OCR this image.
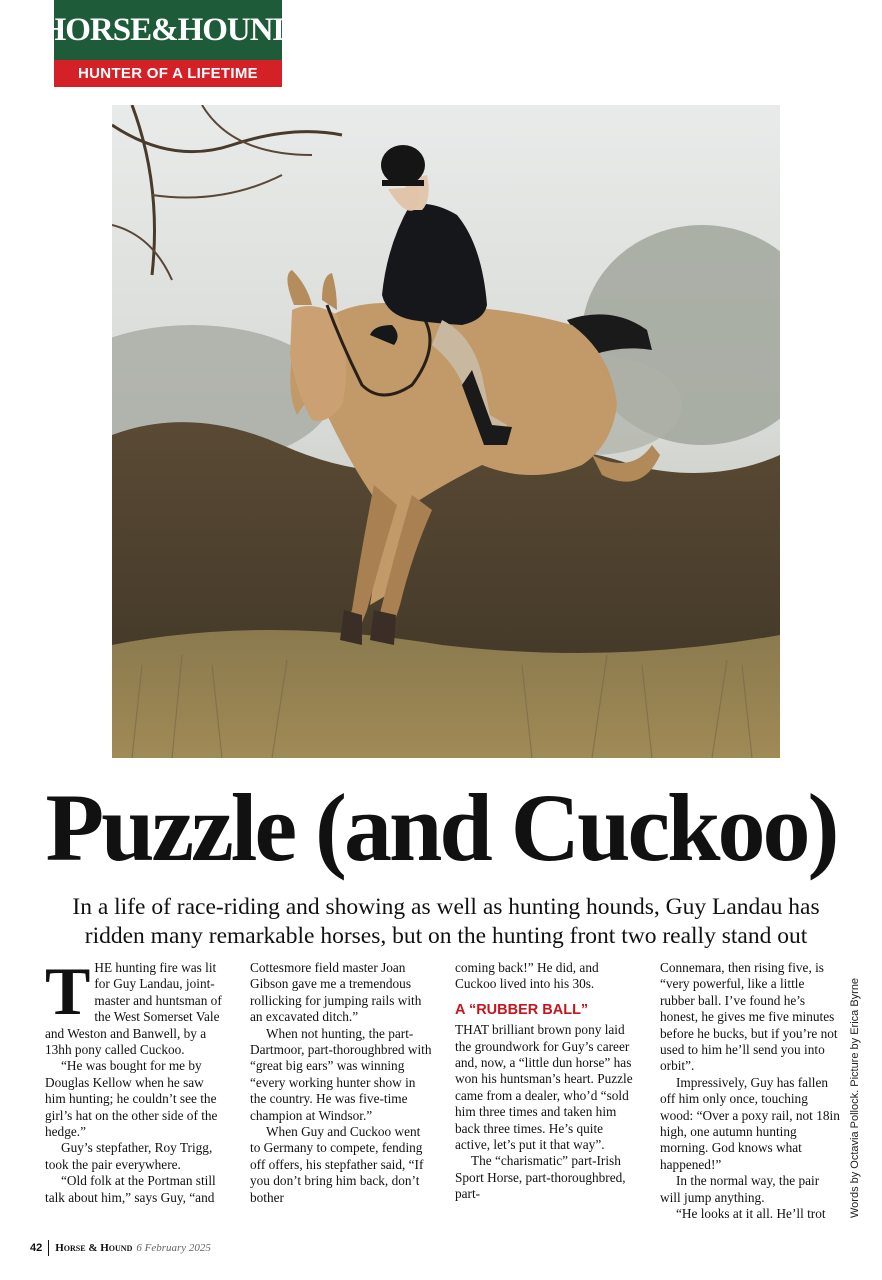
HORSE&HOUND
HUNTER OF A LIFETIME
Puzzle (and Cuckoo)
In a life of race-riding and showing as well as hunting hounds, Guy Landau has ridden many remarkable horses, but on the hunting front two really stand out
T HE hunting fire was lit for Guy Landau, joint-master and huntsman of the West Somerset Vale and Weston and Banwell, by a 13hh pony called Cuckoo.

“He was bought for me by Douglas Kellow when he saw him hunting; he couldn’t see the girl’s hat on the other side of the hedge.”

Guy’s stepfather, Roy Trigg, took the pair everywhere.

“Old folk at the Portman still talk about him,” says Guy, “and

Cottesmore field master Joan Gibson gave me a tremendous rollicking for jumping rails with an excavated ditch.”

When not hunting, the part-Dartmoor, part-thoroughbred with “great big ears” was winning “every working hunter show in the country. He was five-time champion at Windsor.”

When Guy and Cuckoo went to Germany to compete, fending off offers, his stepfather said, “If you don’t bring him back, don’t bother

coming back!” He did, and Cuckoo lived into his 30s.

A “RUBBER BALL”

THAT brilliant brown pony laid the groundwork for Guy’s career and, now, a “little dun horse” has won his huntsman’s heart. Puzzle came from a dealer, who’d “sold him three times and taken him back three times. He’s quite active, let’s put it that way”.

The “charismatic” part-Irish Sport Horse, part-thoroughbred, part-

Connemara, then rising five, is “very powerful, like a little rubber ball. I’ve found he’s honest, he gives me five minutes before he bucks, but if you’re not used to him he’ll send you into orbit”.

Impressively, Guy has fallen off him only once, touching wood: “Over a poxy rail, not 18in high, one autumn hunting morning. God knows what happened!”

In the normal way, the pair will jump anything.

“He looks at it all. He’ll trot	Words by Octavia Pollock. Picture by Erica Byrne
42	Horse & Hound 6 February 2025
